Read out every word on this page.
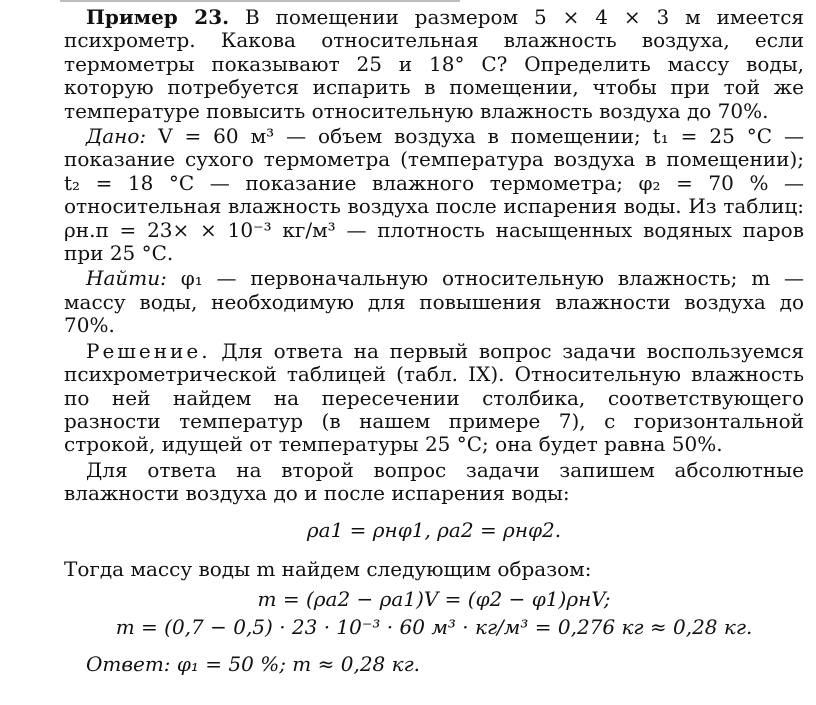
Пример 23. В помещении размером 5 × 4 × 3 м имеется психрометр. Какова относительная влажность воздуха, если термометры показывают 25 и 18° С? Определить массу воды, которую потребуется испарить в помещении, чтобы при той же температуре повысить относительную влажность воздуха до 70%.

Дано: V = 60 м³ — объем воздуха в помещении; t₁ = 25 °С — показание сухого термометра (температура воздуха в помещении); t₂ = 18 °С — показание влажного термометра; φ₂ = 70 % — относительная влажность воздуха после испарения воды. Из таблиц: ρн.п = 23× × 10⁻³ кг/м³ — плотность насыщенных водяных паров при 25 °С.

Найти: φ₁ — первоначальную относительную влажность; m — массу воды, необходимую для повышения влажности воздуха до 70%.

Решение. Для ответа на первый вопрос задачи воспользуемся психрометрической таблицей (табл. IX). Относительную влажность по ней найдем на пересечении столбика, соответствующего разности температур (в нашем примере 7), с горизонтальной строкой, идущей от температуры 25 °С; она будет равна 50%.

Для ответа на второй вопрос задачи запишем абсолютные влажности воздуха до и после испарения воды:

ρа1 = ρнφ1, ρа2 = ρнφ2.

Тогда массу воды m найдем следующим образом:

m = (ρа2 − ρа1)V = (φ2 − φ1)ρнV;
m = (0,7 − 0,5) · 23 · 10⁻³ · 60 м³ · кг/м³ = 0,276 кг ≈ 0,28 кг.

Ответ: φ₁ = 50 %; m ≈ 0,28 кг.
